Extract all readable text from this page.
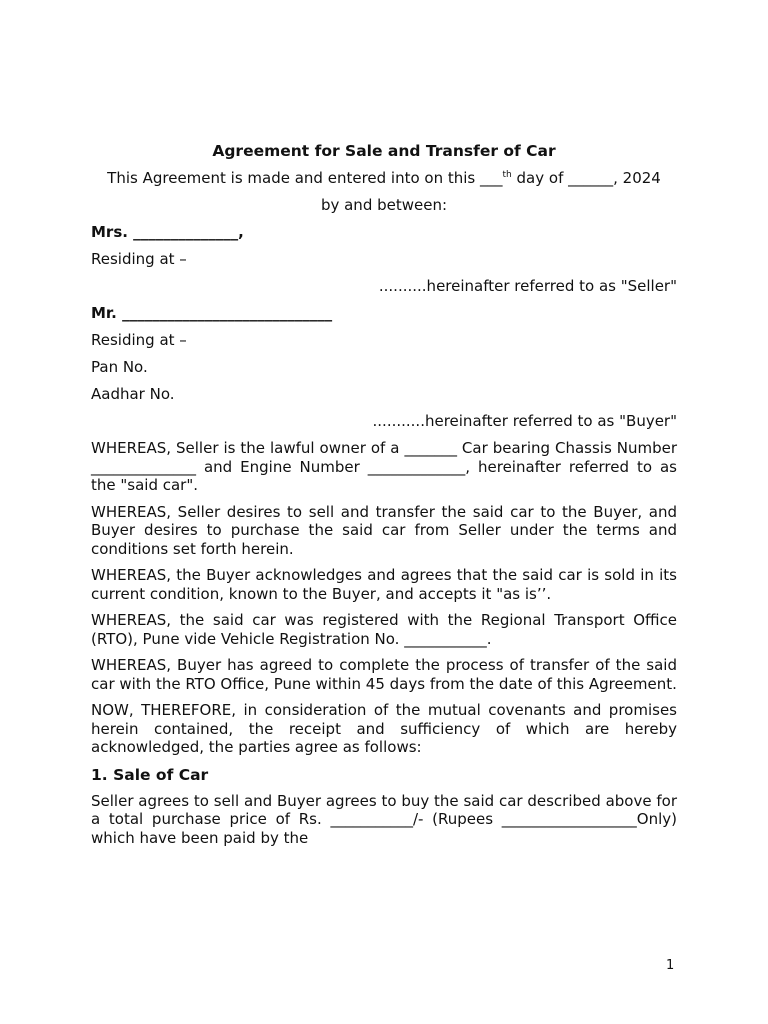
Agreement for Sale and Transfer of Car
This Agreement is made and entered into on this ___$^{th}$ day of ______, 2024
by and between:
Mrs. ______________,
Residing at –
..........hereinafter referred to as "Seller"
Mr. ____________________________
Residing at –
Pan No.
Aadhar No.
...........hereinafter referred to as "Buyer"
WHEREAS, Seller is the lawful owner of a _______ Car bearing Chassis Number ______________ and Engine Number _____________, hereinafter referred to as the "said car".
WHEREAS, Seller desires to sell and transfer the said car to the Buyer, and Buyer desires to purchase the said car from Seller under the terms and conditions set forth herein.
WHEREAS, the Buyer acknowledges and agrees that the said car is sold in its current condition, known to the Buyer, and accepts it "as is’’.
WHEREAS, the said car was registered with the Regional Transport Office (RTO), Pune vide Vehicle Registration No. ___________.
WHEREAS, Buyer has agreed to complete the process of transfer of the said car with the RTO Office, Pune within 45 days from the date of this Agreement.
NOW, THEREFORE, in consideration of the mutual covenants and promises herein contained, the receipt and sufficiency of which are hereby acknowledged, the parties agree as follows:
1. Sale of Car
Seller agrees to sell and Buyer agrees to buy the said car described above for a total purchase price of Rs. ___________/- (Rupees __________________Only) which have been paid by the
1
